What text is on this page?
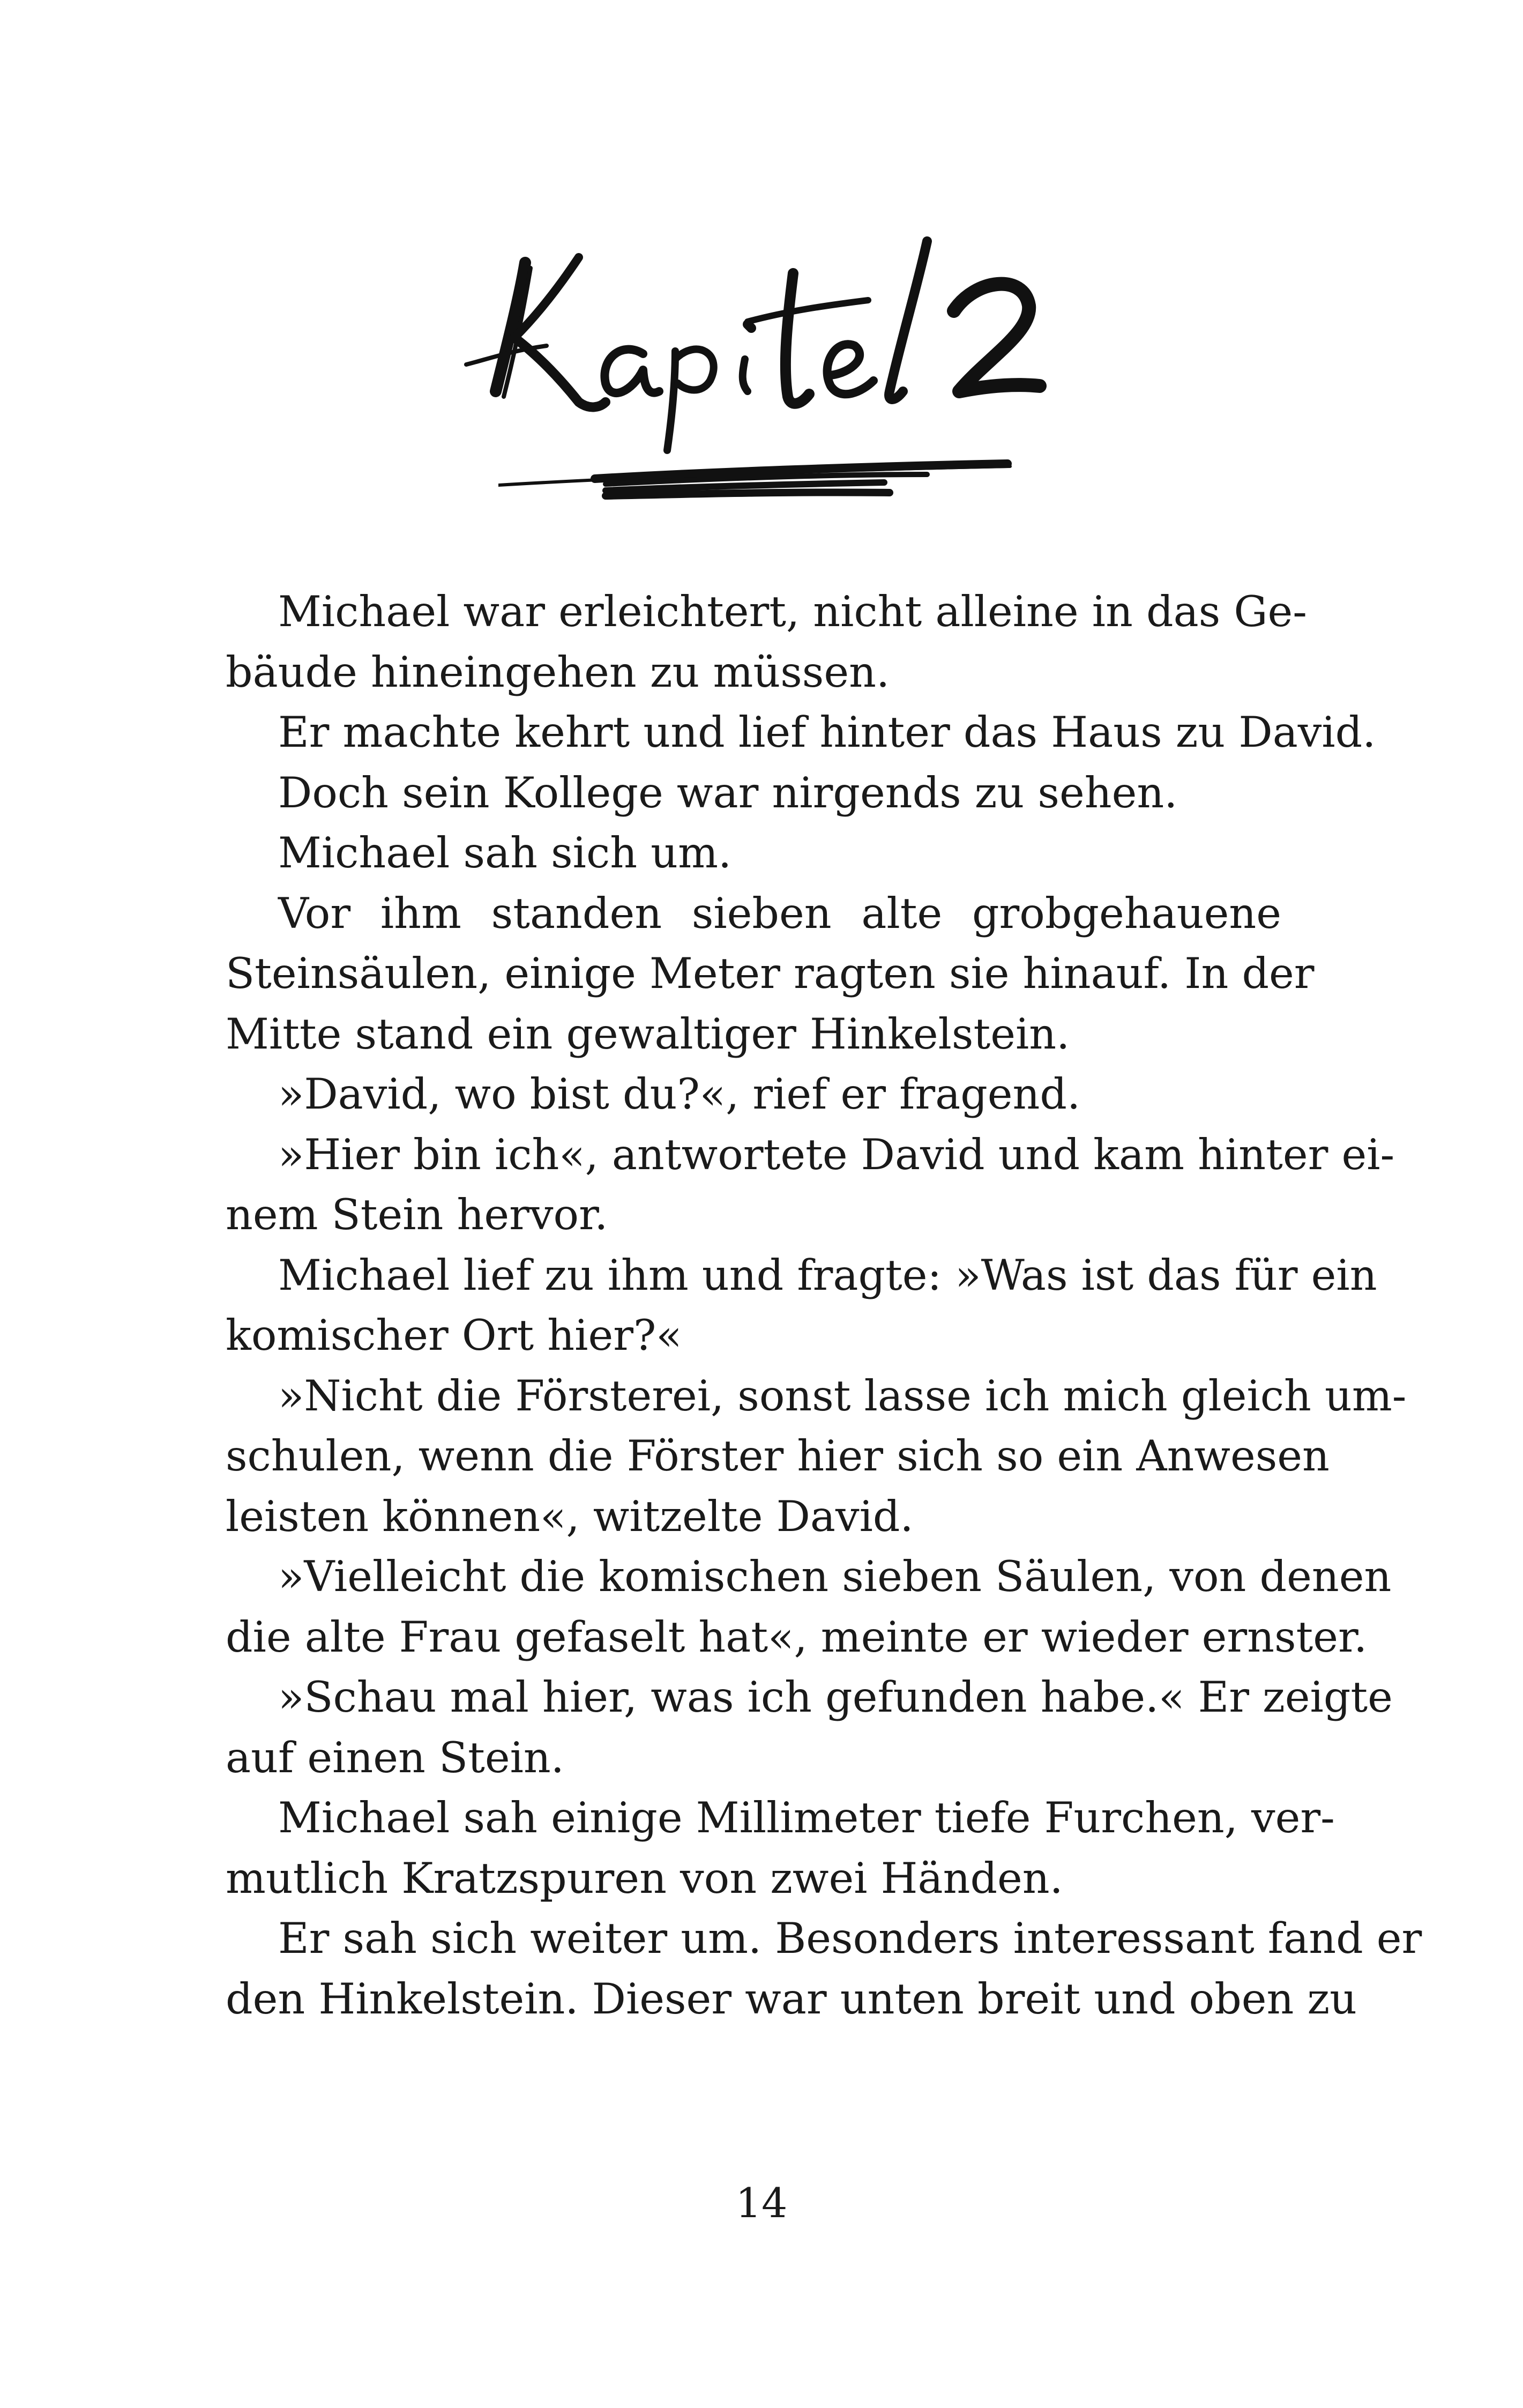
Michael war erleichtert, nicht alleine in das Ge-
bäude hineingehen zu müssen.
Er machte kehrt und lief hinter das Haus zu David.
Doch sein Kollege war nirgends zu sehen.
Michael sah sich um.
Vor ihm standen sieben alte grobgehauene
Steinsäulen, einige Meter ragten sie hinauf. In der
Mitte stand ein gewaltiger Hinkelstein.
»David, wo bist du?«, rief er fragend.
»Hier bin ich«, antwortete David und kam hinter ei-
nem Stein hervor.
Michael lief zu ihm und fragte: »Was ist das für ein
komischer Ort hier?«
»Nicht die Försterei, sonst lasse ich mich gleich um-
schulen, wenn die Förster hier sich so ein Anwesen
leisten können«, witzelte David.
»Vielleicht die komischen sieben Säulen, von denen
die alte Frau gefaselt hat«, meinte er wieder ernster.
»Schau mal hier, was ich gefunden habe.« Er zeigte
auf einen Stein.
Michael sah einige Millimeter tiefe Furchen, ver-
mutlich Kratzspuren von zwei Händen.
Er sah sich weiter um. Besonders interessant fand er
den Hinkelstein. Dieser war unten breit und oben zu
14
